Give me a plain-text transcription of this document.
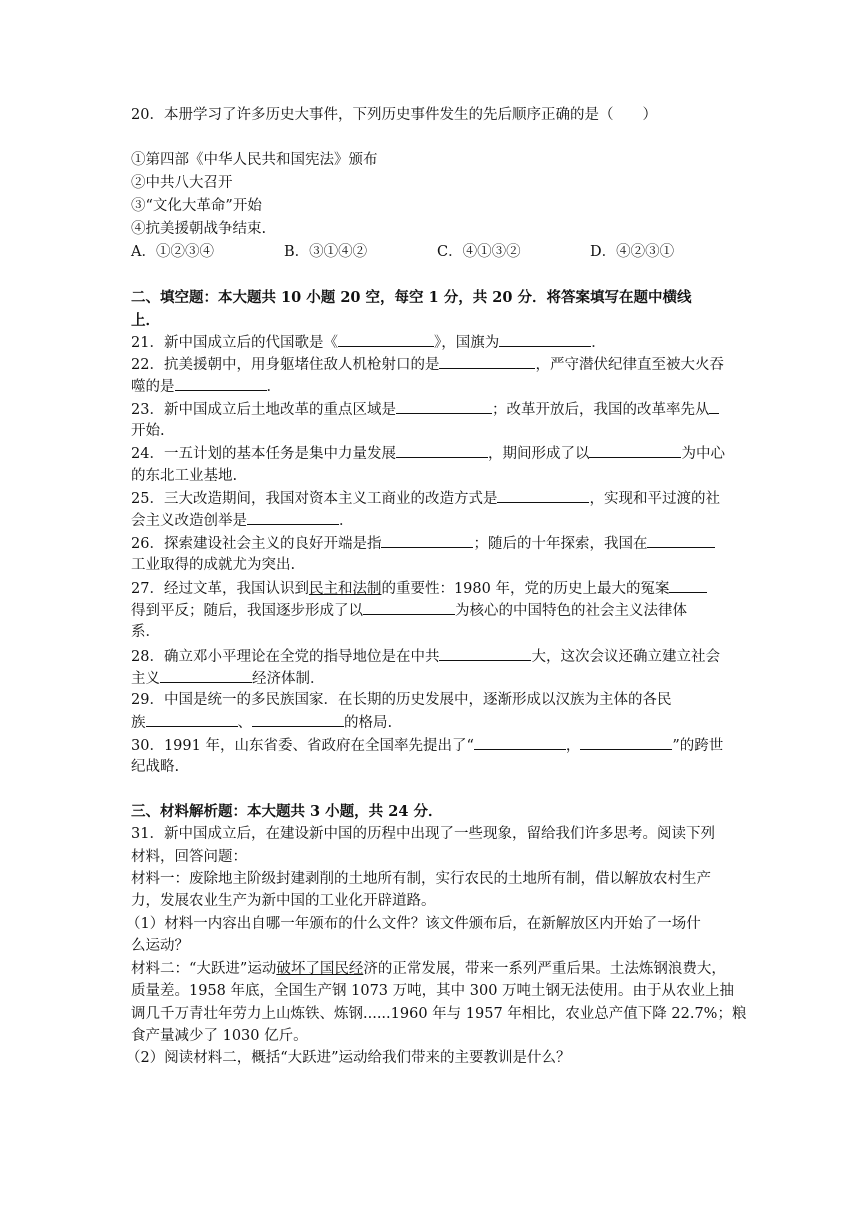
20．本册学习了许多历史大事件，下列历史事件发生的先后顺序正确的是（　　）
①第四部《中华人民共和国宪法》颁布
②中共八大召开
③“文化大革命”开始
④抗美援朝战争结束.
A．①②③④	B．③①④②	C．④①③②	D．④②③①
二、填空题：本大题共 10 小题 20 空，每空 1 分，共 20 分．将答案填写在题中横线
上．
21．新中国成立后的代国歌是《	》，国旗为	．
22．抗美援朝中，用身躯堵住敌人机枪射口的是	，严守潜伏纪律直至被大火吞
噬的是	．
23．新中国成立后土地改革的重点区域是	；改革开放后，我国的改革率先从
开始.
24．一五计划的基本任务是集中力量发展	，期间形成了以	为中心
的东北工业基地.
25．三大改造期间，我国对资本主义工商业的改造方式是	，实现和平过渡的社
会主义改造创举是	．
26．探索建设社会主义的良好开端是指	；随后的十年探索，我国在
工业取得的成就尤为突出.
27．经过文革，我国认识到民主和法制的重要性：1980 年，党的历史上最大的冤案
得到平反；随后，我国逐步形成了以	为核心的中国特色的社会主义法律体
系．
28．确立邓小平理论在全党的指导地位是在中共	大，这次会议还确立建立社会
主义	经济体制．
29．中国是统一的多民族国家．在长期的历史发展中，逐渐形成以汉族为主体的各民
族	、	的格局.
30．1991 年，山东省委、省政府在全国率先提出了“	，	”的跨世
纪战略.
三、材料解析题：本大题共 3 小题，共 24 分．
31．新中国成立后，在建设新中国的历程中出现了一些现象，留给我们许多思考。阅读下列
材料，回答问题：
材料一：废除地主阶级封建剥削的土地所有制，实行农民的土地所有制，借以解放农村生产
力，发展农业生产为新中国的工业化开辟道路。
（1）材料一内容出自哪一年颁布的什么文件？该文件颁布后，在新解放区内开始了一场什
么运动？
材料二：“大跃进”运动破坏了国民经济的正常发展，带来一系列严重后果。土法炼钢浪费大，
质量差。1958 年底，全国生产钢 1073 万吨，其中 300 万吨土钢无法使用。由于从农业上抽
调几千万青壮年劳力上山炼铁、炼钢......1960 年与 1957 年相比，农业总产值下降 22.7%；粮
食产量减少了 1030 亿斤。
（2）阅读材料二，概括“大跃进”运动给我们带来的主要教训是什么？
